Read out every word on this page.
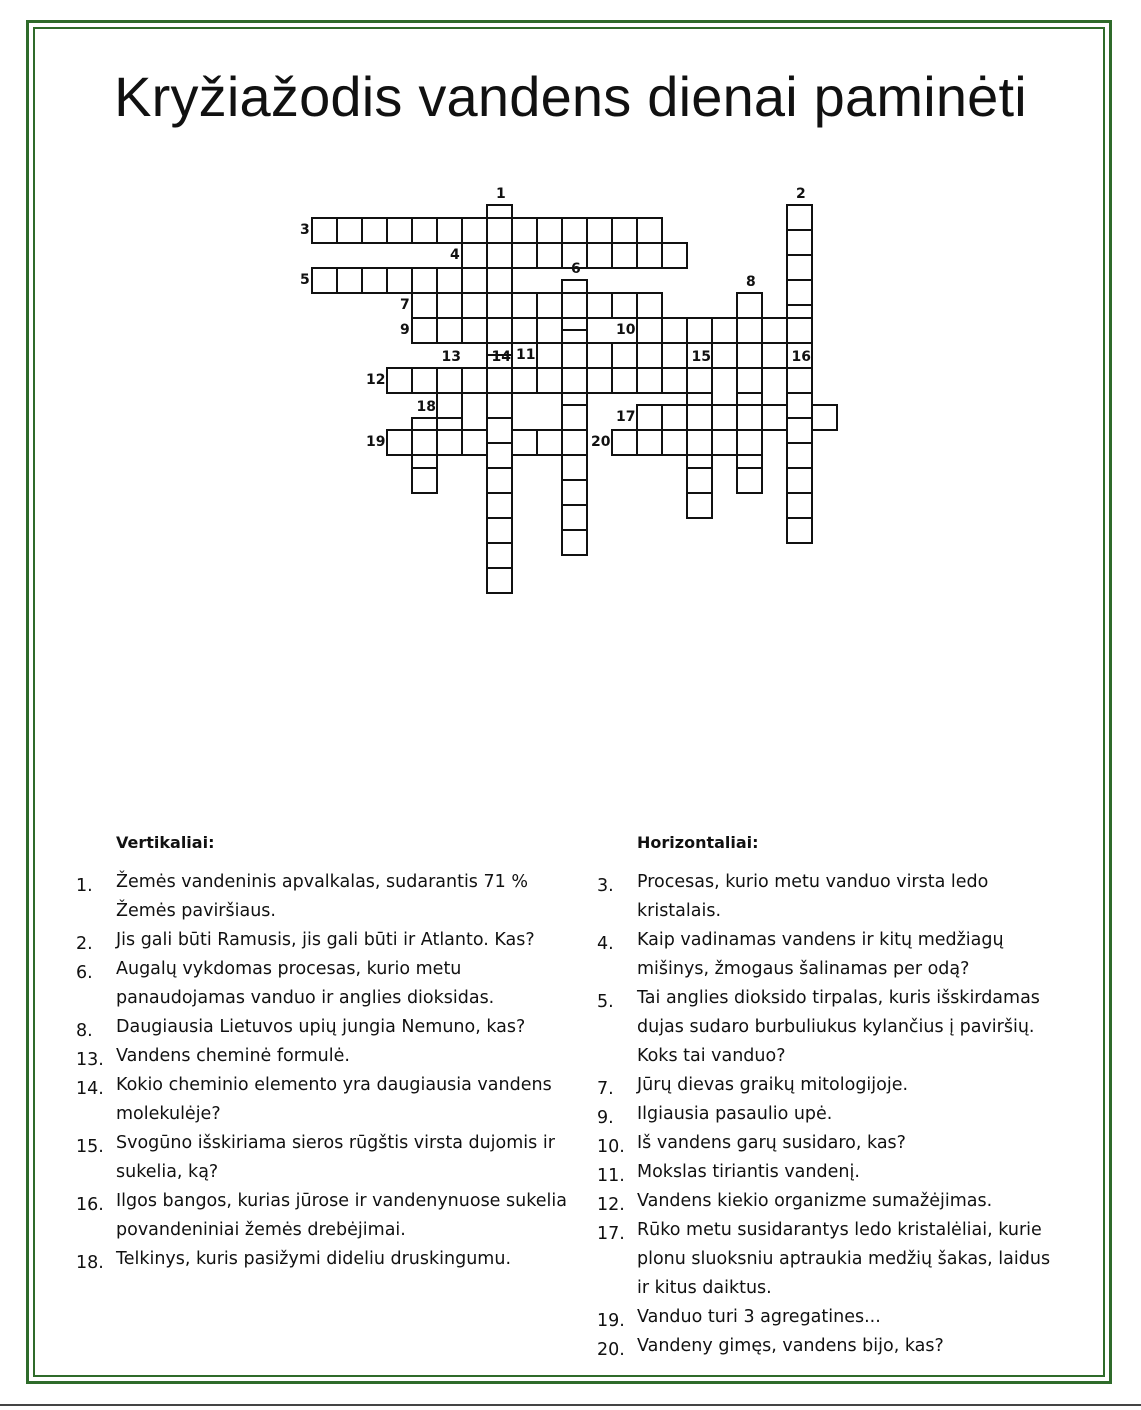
Kryžiažodis vandens dienai paminėti
1	2
3
4
5
6
7
8
9	10
11
12
13 14	15	16
17
18
19	20
Vertikaliai:	Horizontaliai:

1. Žemės vandeninis apvalkalas, sudarantis 71 % Žemės paviršiaus.

2. Jis gali būti Ramusis, jis gali būti ir Atlanto. Kas?

6. Augalų vykdomas procesas, kurio metu panaudojamas vanduo ir anglies dioksidas.

8. Daugiausia Lietuvos upių jungia Nemuno, kas?

13. Vandens cheminė formulė.

14. Kokio cheminio elemento yra daugiausia vandens molekulėje?

15. Svogūno išskiriama sieros rūgštis virsta dujomis ir sukelia, ką?

16. Ilgos bangos, kurias jūrose ir vandenynuose sukelia povandeniniai žemės drebėjimai.

18. Telkinys, kuris pasižymi dideliu druskingumu.

3. Procesas, kurio metu vanduo virsta ledo kristalais.

4. Kaip vadinamas vandens ir kitų medžiagų mišinys, žmogaus šalinamas per odą?

5. Tai anglies dioksido tirpalas, kuris išskirdamas dujas sudaro burbuliukus kylančius į paviršių. Koks tai vanduo?

7. Jūrų dievas graikų mitologijoje.

9. Ilgiausia pasaulio upė.

10. Iš vandens garų susidaro, kas?

11. Mokslas tiriantis vandenį.

12. Vandens kiekio organizme sumažėjimas.

17. Rūko metu susidarantys ledo kristalėliai, kurie plonu sluoksniu aptraukia medžių šakas, laidus ir kitus daiktus.

19. Vanduo turi 3 agregatines...

20. Vandeny gimęs, vandens bijo, kas?
